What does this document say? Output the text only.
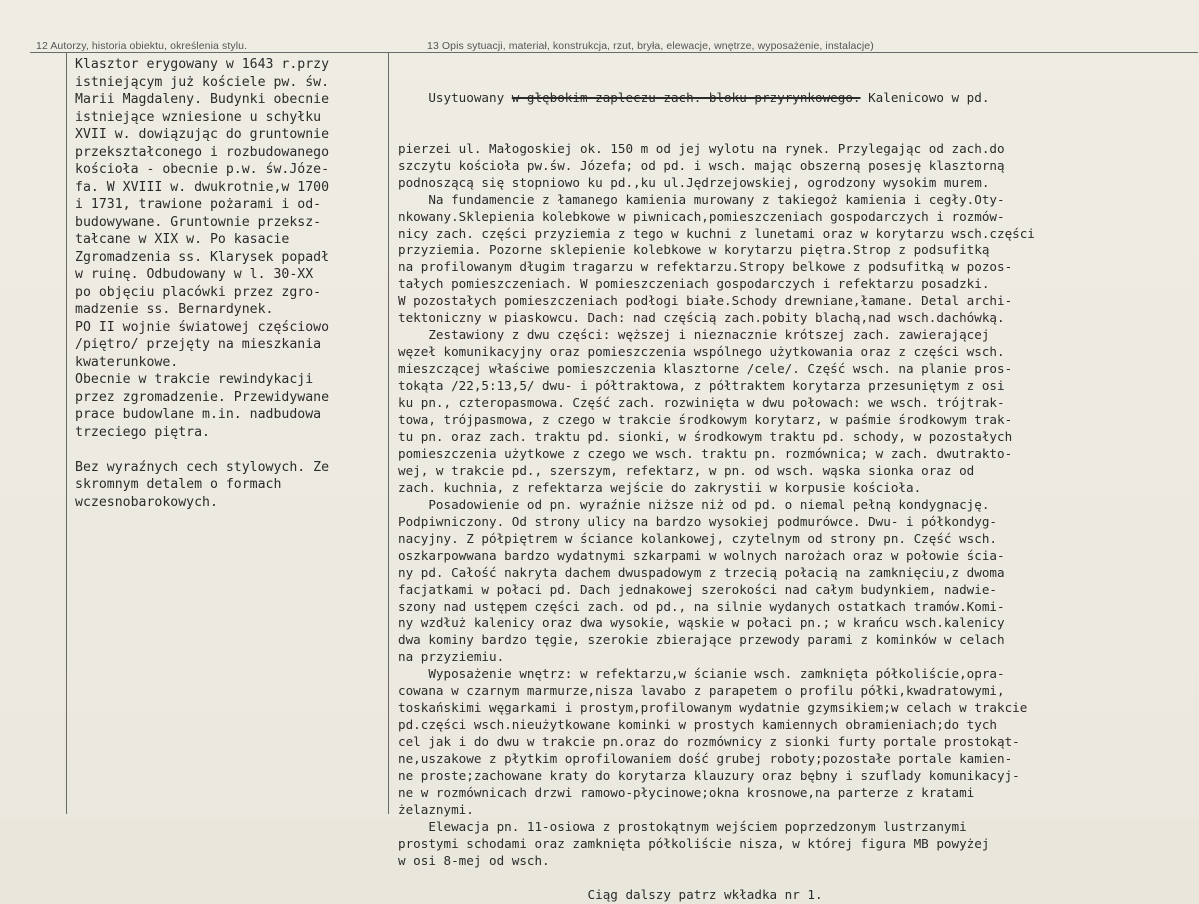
12 Autorzy, historia obiektu, określenia stylu.	13 Opis sytuacji, materiał, konstrukcja, rzut, bryła, elewacje, wnętrze, wyposażenie, instalacje)
Klasztor erygowany w 1643 r.przy
istniejącym już kościele pw. św.
Marii Magdaleny. Budynki obecnie
istniejące wzniesione u schyłku
XVII w. dowiązując do gruntownie
przekształconego i rozbudowanego
kościoła - obecnie p.w. św.Józe-
fa. W XVIII w. dwukrotnie,w 1700
i 1731, trawione pożarami i od-
budowywane. Gruntownie przeksz-
tałcane w XIX w. Po kasacie
Zgromadzenia ss. Klarysek popadł
w ruinę. Odbudowany w l. 30-XX
po objęciu placówki przez zgro-
madzenie ss. Bernardynek.
PO II wojnie światowej częściowo
/piętro/ przejęty na mieszkania
kwaterunkowe.
Obecnie w trakcie rewindykacji
przez zgromadzenie. Przewidywane
prace budowlane m.in. nadbudowa
trzeciego piętra.

Bez wyraźnych cech stylowych. Ze
skromnym detalem o formach
wczesnobarokowych.

Usytuowany w głębokim zapleczu zach. bloku przyrynkowego. Kalenicowo w pd.

pierzei ul. Małogoskiej ok. 150 m od jej wylotu na rynek. Przylegając od zach.do
szczytu kościoła pw.św. Józefa; od pd. i wsch. mając obszerną posesję klasztorną
podnoszącą się stopniowo ku pd.,ku ul.Jędrzejowskiej, ogrodzony wysokim murem.
Na fundamencie z łamanego kamienia murowany z takiegoż kamienia i cegły.Oty-
nkowany.Sklepienia kolebkowe w piwnicach,pomieszczeniach gospodarczych i rozmów-
nicy zach. części przyziemia z tego w kuchni z lunetami oraz w korytarzu wsch.części
przyziemia. Pozorne sklepienie kolebkowe w korytarzu piętra.Strop z podsufitką
na profilowanym długim tragarzu w refektarzu.Stropy belkowe z podsufitką w pozos-
tałych pomieszczeniach. W pomieszczeniach gospodarczych i refektarzu posadzki.
W pozostałych pomieszczeniach podłogi białe.Schody drewniane,łamane. Detal archi-
tektoniczny w piaskowcu. Dach: nad częścią zach.pobity blachą,nad wsch.dachówką.
Zestawiony z dwu części: węższej i nieznacznie krótszej zach. zawierającej
węzeł komunikacyjny oraz pomieszczenia wspólnego użytkowania oraz z części wsch.
mieszczącej właściwe pomieszczenia klasztorne /cele/. Część wsch. na planie pros-
tokąta /22,5:13,5/ dwu- i półtraktowa, z półtraktem korytarza przesuniętym z osi
ku pn., czteropasmowa. Część zach. rozwinięta w dwu połowach: we wsch. trójtrak-
towa, trójpasmowa, z czego w trakcie środkowym korytarz, w paśmie środkowym trak-
tu pn. oraz zach. traktu pd. sionki, w środkowym traktu pd. schody, w pozostałych
pomieszczenia użytkowe z czego we wsch. traktu pn. rozmównica; w zach. dwutrakto-
wej, w trakcie pd., szerszym, refektarz, w pn. od wsch. wąska sionka oraz od
zach. kuchnia, z refektarza wejście do zakrystii w korpusie kościoła.
Posadowienie od pn. wyraźnie niższe niż od pd. o niemal pełną kondygnację.
Podpiwniczony. Od strony ulicy na bardzo wysokiej podmurówce. Dwu- i półkondyg-
nacyjny. Z półpiętrem w ściance kolankowej, czytelnym od strony pn. Część wsch.
oszkarpowwana bardzo wydatnymi szkarpami w wolnych narożach oraz w połowie ścia-
ny pd. Całość nakryta dachem dwuspadowym z trzecią połacią na zamknięciu,z dwoma
facjatkami w połaci pd. Dach jednakowej szerokości nad całym budynkiem, nadwie-
szony nad ustępem części zach. od pd., na silnie wydanych ostatkach tramów.Komi-
ny wzdłuż kalenicy oraz dwa wysokie, wąskie w połaci pn.; w krańcu wsch.kalenicy
dwa kominy bardzo tęgie, szerokie zbierające przewody parami z kominków w celach
na przyziemiu.
Wyposażenie wnętrz: w refektarzu,w ścianie wsch. zamknięta półkoliście,opra-
cowana w czarnym marmurze,nisza lavabo z parapetem o profilu półki,kwadratowymi,
toskańskimi węgarkami i prostym,profilowanym wydatnie gzymsikiem;w celach w trakcie
pd.części wsch.nieużytkowane kominki w prostych kamiennych obramieniach;do tych
cel jak i do dwu w trakcie pn.oraz do rozmównicy z sionki furty portale prostokąt-
ne,uszakowe z płytkim oprofilowaniem dość grubej roboty;pozostałe portale kamien-
ne proste;zachowane kraty do korytarza klauzury oraz bębny i szuflady komunikacyj-
ne w rozmównicach drzwi ramowo-płycinowe;okna krosnowe,na parterze z kratami
żelaznymi.
Elewacja pn. 11-osiowa z prostokątnym wejściem poprzedzonym lustrzanymi
prostymi schodami oraz zamknięta półkoliście nisza, w której figura MB powyżej
w osi 8-mej od wsch.

Ciąg dalszy patrz wkładka nr 1.
